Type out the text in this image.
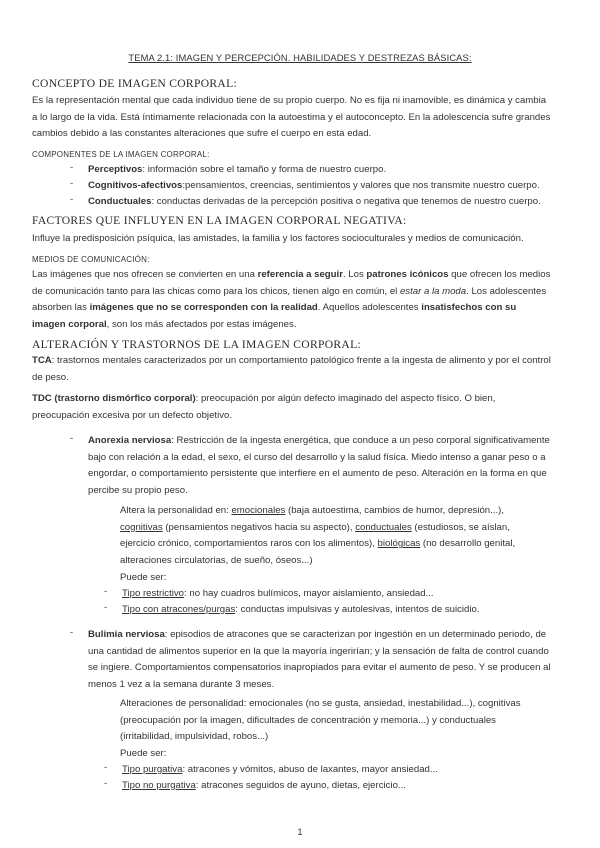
TEMA 2.1: IMAGEN Y PERCEPCIÓN. HABILIDADES Y DESTREZAS BÁSICAS:
CONCEPTO DE IMAGEN CORPORAL:
Es la representación mental que cada individuo tiene de su propio cuerpo. No es fija ni inamovible, es dinámica y cambia a lo largo de la vida. Está íntimamente relacionada con la autoestima y el autoconcepto. En la adolescencia sufre grandes cambios debido a las constantes alteraciones que sufre el cuerpo en esta edad.
COMPONENTES DE LA IMAGEN CORPORAL:
-	Perceptivos: información sobre el tamaño y forma de nuestro cuerpo.
-	Cognitivos-afectivos:pensamientos, creencias, sentimientos y valores que nos transmite nuestro cuerpo.
-	Conductuales: conductas derivadas de la percepción positiva o negativa que tenemos de nuestro cuerpo.
FACTORES QUE INFLUYEN EN LA IMAGEN CORPORAL NEGATIVA:
Influye la predisposición psíquica, las amistades, la familia y los factores socioculturales y medios de comunicación.
MEDIOS DE COMUNICACIÓN:
Las imágenes que nos ofrecen se convierten en una referencia a seguir. Los patrones icónicos que ofrecen los medios de comunicación tanto para las chicas como para los chicos, tienen algo en común, el estar a la moda. Los adolescentes absorben las imágenes que no se corresponden con la realidad. Aquellos adolescentes insatisfechos con su imagen corporal, son los más afectados por estas imágenes.
ALTERACIÓN Y TRASTORNOS DE LA IMAGEN CORPORAL:
TCA: trastornos mentales caracterizados por un comportamiento patológico frente a la ingesta de alimento y por el control de peso.
TDC (trastorno dismórfico corporal): preocupación por algún defecto imaginado del aspecto físico. O bien, preocupación excesiva por un defecto objetivo.
-	Anorexia nerviosa: Restricción de la ingesta energética, que conduce a un peso corporal significativamente bajo con relación a la edad, el sexo, el curso del desarrollo y la salud física. Miedo intenso a ganar peso o a engordar, o comportamiento persistente que interfiere en el aumento de peso. Alteración en la forma en que percibe su propio peso.
Altera la personalidad en: emocionales (baja autoestima, cambios de humor, depresión...), cognitivas (pensamientos negativos hacia su aspecto), conductuales (estudiosos, se aíslan, ejercicio crónico, comportamientos raros con los alimentos), biológicas (no desarrollo genital, alteraciones circulatorias, de sueño, óseos...)
Puede ser:
-	Tipo restrictivo: no hay cuadros bulímicos, mayor aislamiento, ansiedad...
-	Tipo con atracones/purgas: conductas impulsivas y autolesivas, intentos de suicidio.
-	Bulimia nerviosa: episodios de atracones que se caracterizan por ingestión en un determinado periodo, de una cantidad de alimentos superior en la que la mayoría ingerirían; y la sensación de falta de control cuando se ingiere. Comportamientos compensatorios inapropiados para evitar el aumento de peso. Y se producen al menos 1 vez a la semana durante 3 meses.
Alteraciones de personalidad: emocionales (no se gusta, ansiedad, inestabilidad...), cognitivas (preocupación por la imagen, dificultades de concentración y memoria...) y conductuales (irritabilidad, impulsividad, robos...)
Puede ser:
-	Tipo purgativa: atracones y vómitos, abuso de laxantes, mayor ansiedad...
-	Tipo no purgativa: atracones seguidos de ayuno, dietas, ejercicio...
1
